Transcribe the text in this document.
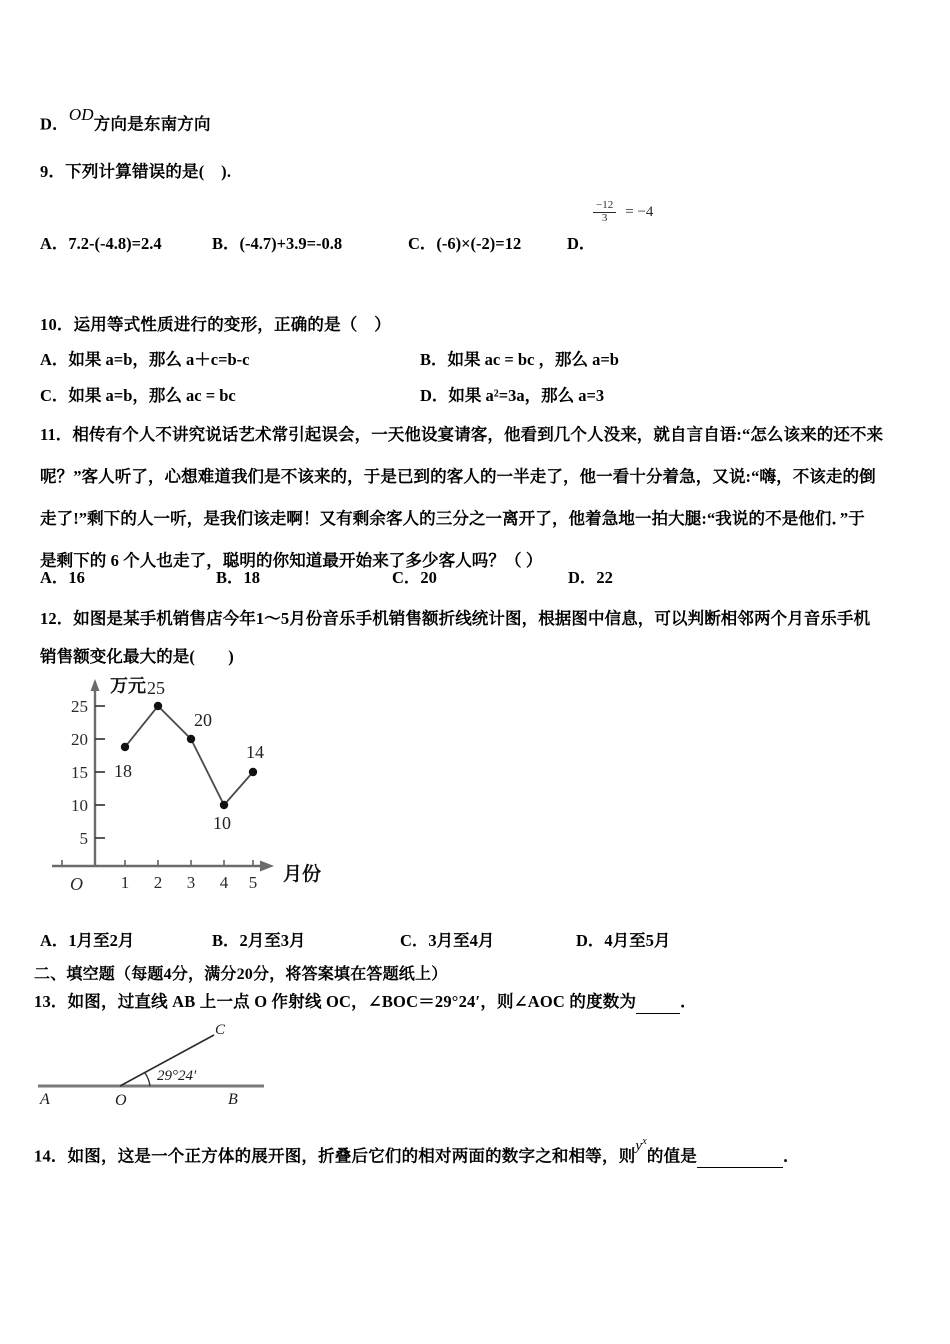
D．OD方向是东南方向
9．下列计算错误的是(　).
A．7.2-(-4.8)=2.4	B．(-4.7)+3.9=-0.8	C．(-6)×(-2)=12	D．
$\frac{-12}{3} = -4$
10．运用等式性质进行的变形，正确的是（　）
A．如果 a=b，那么 a＋c=b-c	B．如果 ac = bc ，那么 a=b
C．如果 a=b，那么 ac = bc	D．如果 a²=3a，那么 a=3
11．相传有个人不讲究说话艺术常引起误会，一天他设宴请客，他看到几个人没来，就自言自语:“怎么该来的还不来
呢？”客人听了，心想难道我们是不该来的，于是已到的客人的一半走了，他一看十分着急，又说:“嗨，不该走的倒
走了!”剩下的人一听，是我们该走啊！又有剩余客人的三分之一离开了，他着急地一拍大腿:“我说的不是他们．”于
是剩下的 6 个人也走了，聪明的你知道最开始来了多少客人吗？（ ）
A．16	B．18	C．20	D．22
12．如图是某手机销售店今年1～5月份音乐手机销售额折线统计图，根据图中信息，可以判断相邻两个月音乐手机
销售额变化最大的是(　　)
5
10
15
20
25
1 2 3 4 5
O
万元
月份
18
25
20
10
14
A．1月至2月	B．2月至3月	C．3月至4月	D．4月至5月
二、填空题（每题4分，满分20分，将答案填在答题纸上）
13．如图，过直线 AB 上一点 O 作射线 OC，∠BOC＝29°24′，则∠AOC 的度数为	．
29°24′
A	O	B
C
14．如图，这是一个正方体的展开图，折叠后它们的相对两面的数字之和相等，则$y^x$的值是	．
